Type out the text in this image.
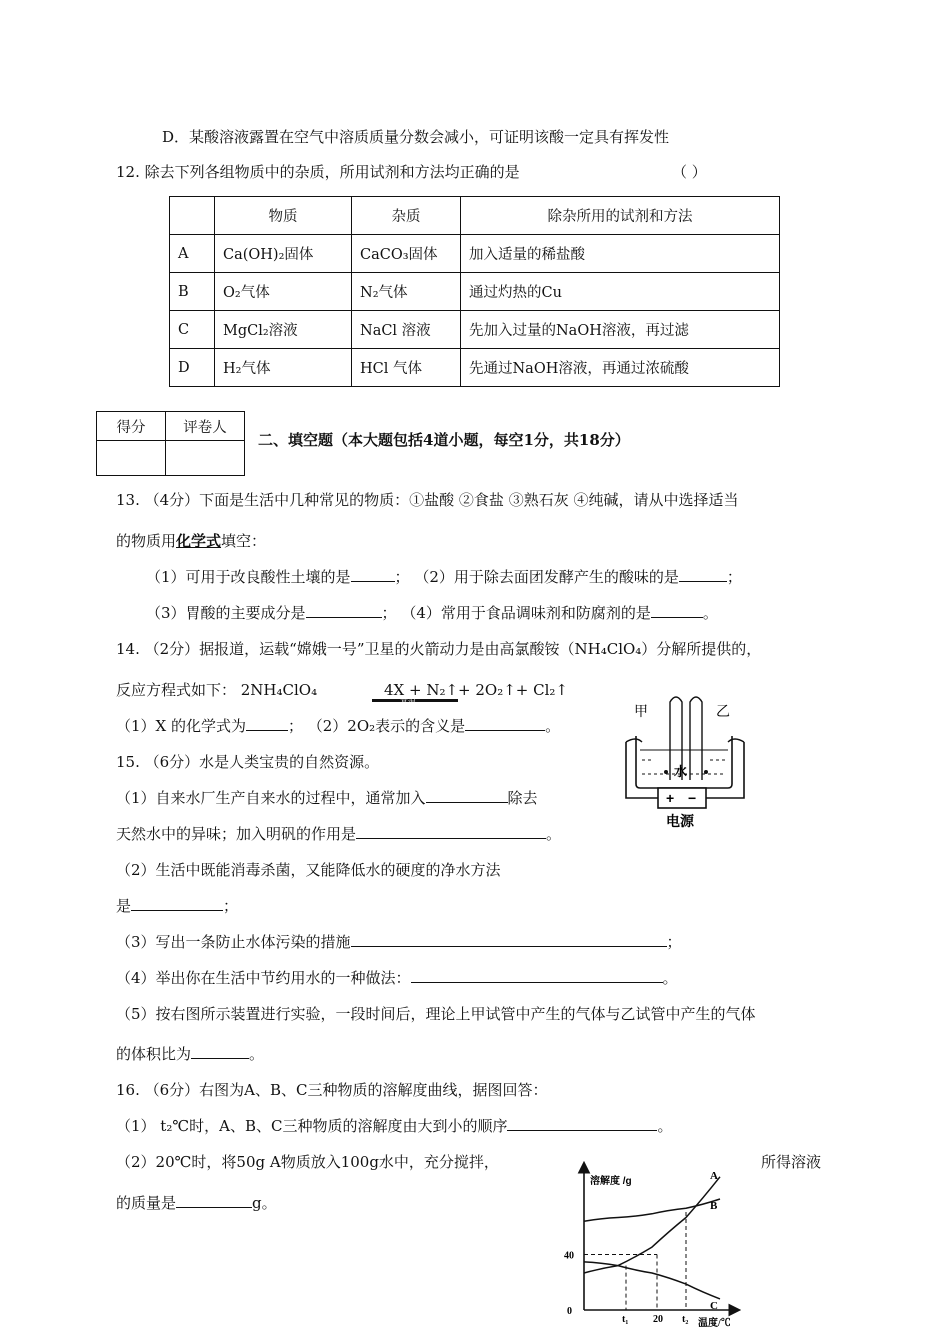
D．某酸溶液露置在空气中溶质质量分数会减小，可证明该酸一定具有挥发性
12. 除去下列各组物质中的杂质，所用试剂和方法均正确的是	（ ）
	物质	杂质	除杂所用的试剂和方法
A	Ca(OH)₂固体	CaCO₃固体	加入适量的稀盐酸
B	O₂气体	N₂气体	通过灼热的Cu
C	MgCl₂溶液	NaCl 溶液	先加入过量的NaOH溶液，再过滤
D	H₂气体	HCl 气体	先通过NaOH溶液，再通过浓硫酸
得分	评卷人

二、填空题（本大题包括4道小题，每空1分，共18分）
13. （4分）下面是生活中几种常见的物质：①盐酸 ②食盐 ③熟石灰 ④纯碱，请从中选择适当
的物质用化学式填空：
（1）可用于改良酸性土壤的是	； （2）用于除去面团发酵产生的酸味的是	；
（3）胃酸的主要成分是	； （4）常用于食品调味剂和防腐剂的是	。
14. （2分）据报道，运载“嫦娥一号”卫星的火箭动力是由高氯酸铵（NH₄ClO₄）分解所提供的，
反应方程式如下： 2NH₄ClO₄	4X + N₂↑+ 2O₂↑+ Cl₂↑
高温
（1）X 的化学式为	； （2）2O₂表示的含义是	。
甲	乙
水
+ −
电源
15. （6分）水是人类宝贵的自然资源。
（1）自来水厂生产自来水的过程中，通常加入	除去
天然水中的异味；加入明矾的作用是	。
（2）生活中既能消毒杀菌，又能降低水的硬度的净水方法
是	；
（3）写出一条防止水体污染的措施	；
（4）举出你在生活中节约用水的一种做法：	。
（5）按右图所示装置进行实验，一段时间后，理论上甲试管中产生的气体与乙试管中产生的气体
的体积比为	。
16. （6分）右图为A、B、C三种物质的溶解度曲线，据图回答：
（1） t₂℃时，A、B、C三种物质的溶解度由大到小的顺序	。
（2）20℃时，将50g A物质放入100g水中，充分搅拌，	所得溶液
的质量是	g。
溶解度 /g	A
B
C
0
t₁ 20 t₂
40
温度/℃
